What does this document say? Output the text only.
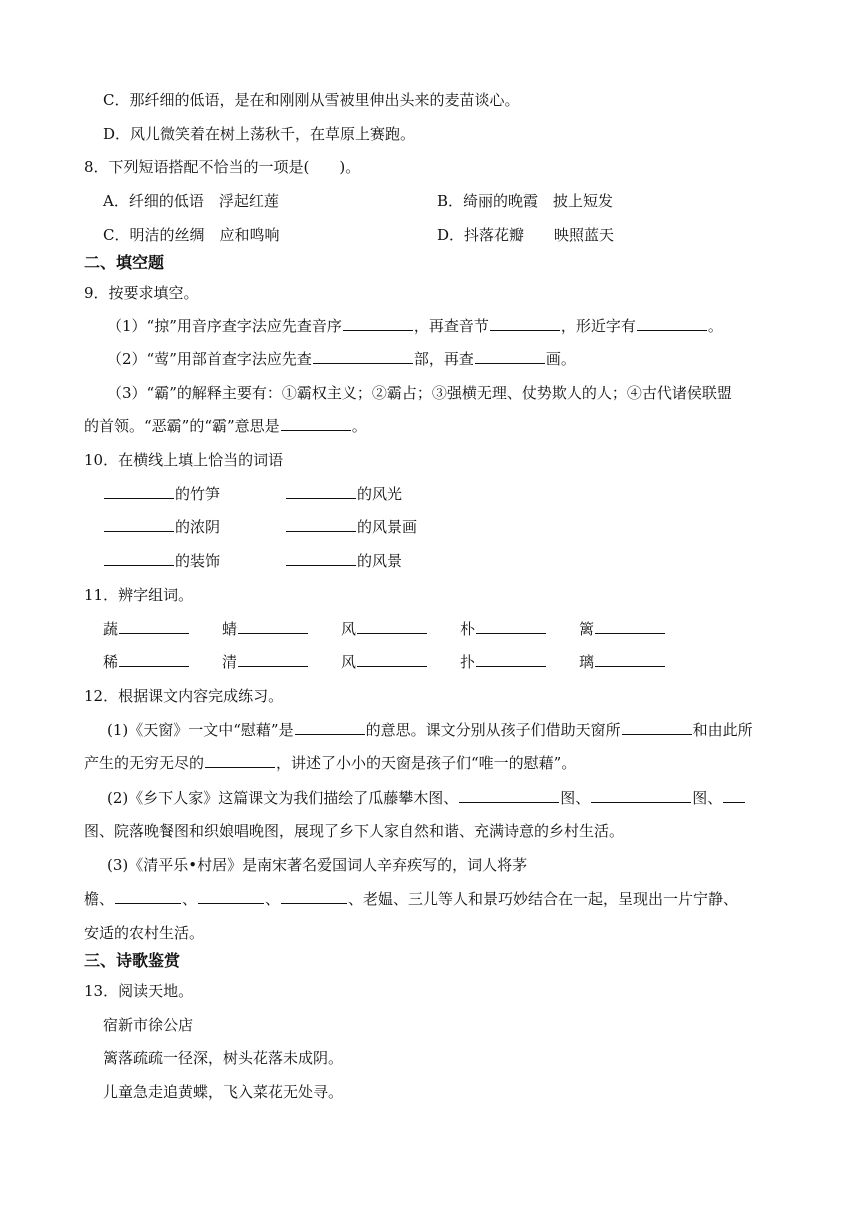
C．那纤细的低语，是在和刚刚从雪被里伸出头来的麦苗谈心。
D．风儿微笑着在树上荡秋千，在草原上赛跑。
8．下列短语搭配不恰当的一项是(　　)。
A．纤细的低语　浮起红莲	B．绮丽的晚霞　披上短发
C．明洁的丝绸　应和鸣响	D．抖落花瓣　　映照蓝天
二、填空题
9．按要求填空。
（1）“掠”用音序查字法应先查音序	，再查音节	，形近字有	。
（2）“莺”用部首查字法应先查	部，再查	画。
（3）“霸”的解释主要有：①霸权主义；②霸占；③强横无理、仗势欺人的人；④古代诸侯联盟
的首领。“恶霸”的“霸”意思是	。
10．在横线上填上恰当的词语
的竹笋	的风光
的浓阴	的风景画
的装饰	的风景
11．辨字组词。
蔬	蜻	风	朴	篱
稀	清	风	扑	璃
12．根据课文内容完成练习。
(1)《天窗》一文中“慰藉”是	的意思。课文分别从孩子们借助天窗所	和由此所
产生的无穷无尽的	，讲述了小小的天窗是孩子们“唯一的慰藉”。
(2)《乡下人家》这篇课文为我们描绘了瓜藤攀木图、	图、	图、
图、院落晚餐图和织娘唱晚图，展现了乡下人家自然和谐、充满诗意的乡村生活。
(3)《清平乐•村居》是南宋著名爱国词人辛弃疾写的，词人将茅
檐、	、	、	、老媪、三儿等人和景巧妙结合在一起，呈现出一片宁静、
安适的农村生活。
三、诗歌鉴赏
13．阅读天地。
宿新市徐公店
篱落疏疏一径深，树头花落未成阴。
儿童急走追黄蝶，飞入菜花无处寻。
